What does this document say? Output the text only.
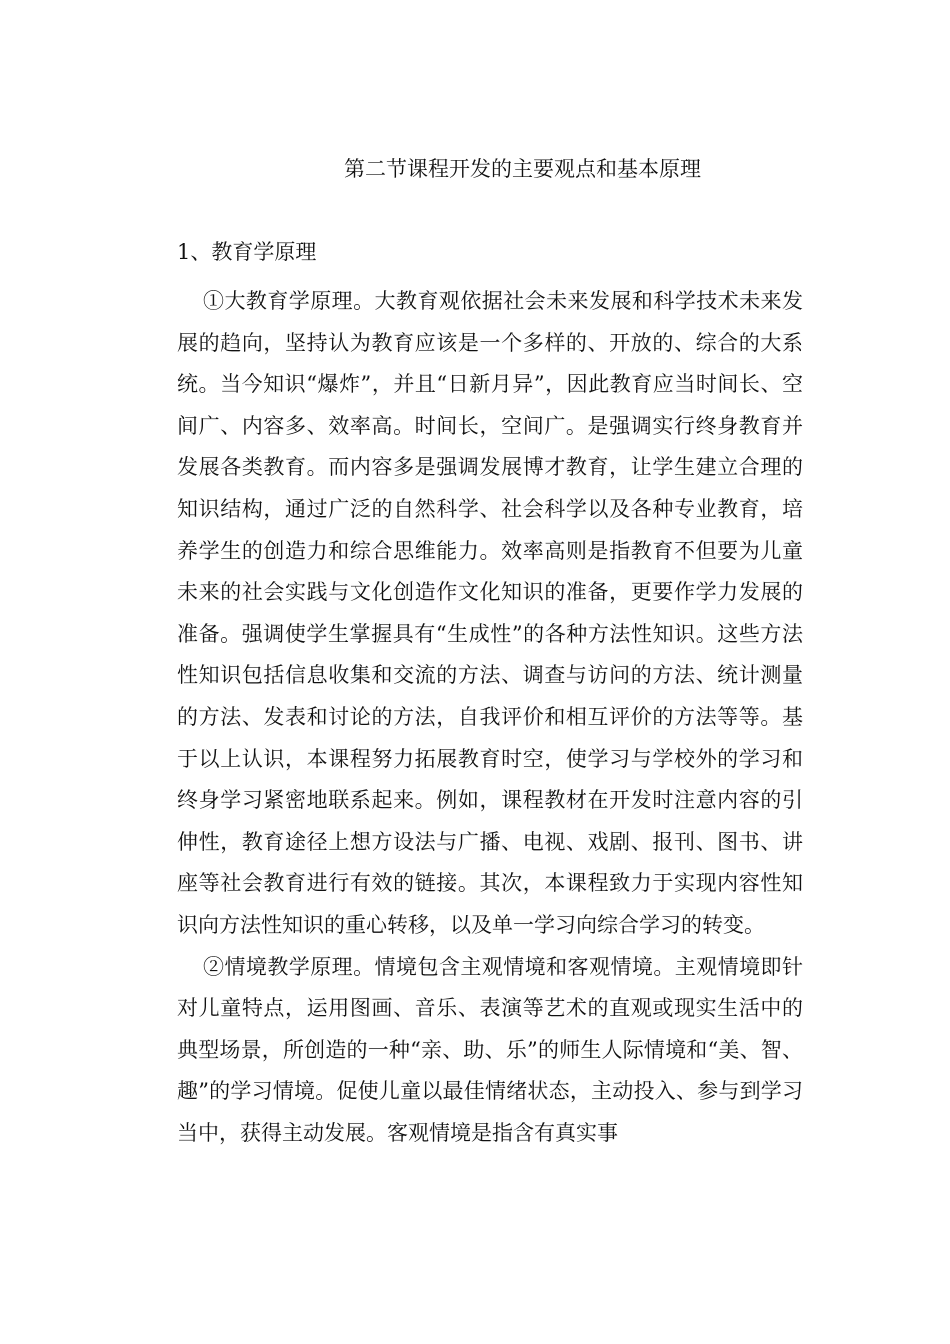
第二节课程开发的主要观点和基本原理
1、教育学原理

①大教育学原理。大教育观依据社会未来发展和科学技术未来发展的趋向，坚持认为教育应该是一个多样的、开放的、综合的大系统。当今知识“爆炸”，并且“日新月异”，因此教育应当时间长、空间广、内容多、效率高。时间长，空间广。是强调实行终身教育并发展各类教育。而内容多是强调发展博才教育，让学生建立合理的知识结构，通过广泛的自然科学、社会科学以及各种专业教育，培养学生的创造力和综合思维能力。效率高则是指教育不但要为儿童未来的社会实践与文化创造作文化知识的准备，更要作学力发展的准备。强调使学生掌握具有“生成性”的各种方法性知识。这些方法性知识包括信息收集和交流的方法、调查与访问的方法、统计测量的方法、发表和讨论的方法，自我评价和相互评价的方法等等。基于以上认识，本课程努力拓展教育时空，使学习与学校外的学习和终身学习紧密地联系起来。例如，课程教材在开发时注意内容的引伸性，教育途径上想方设法与广播、电视、戏剧、报刊、图书、讲座等社会教育进行有效的链接。其次，本课程致力于实现内容性知识向方法性知识的重心转移，以及单一学习向综合学习的转变。

②情境教学原理。情境包含主观情境和客观情境。主观情境即针对儿童特点，运用图画、音乐、表演等艺术的直观或现实生活中的典型场景，所创造的一种“亲、助、乐”的师生人际情境和“美、智、趣”的学习情境。促使儿童以最佳情绪状态，主动投入、参与到学习当中，获得主动发展。客观情境是指含有真实事
